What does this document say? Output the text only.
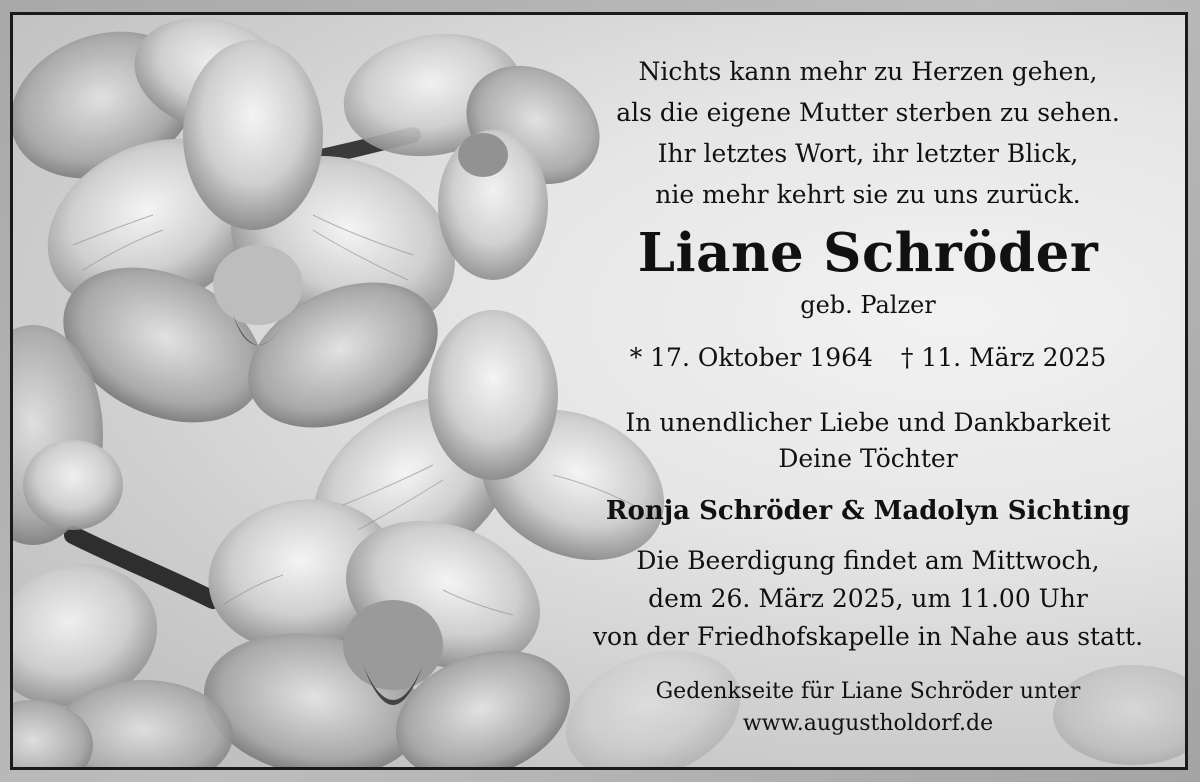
Nichts kann mehr zu Herzen gehen,
als die eigene Mutter sterben zu sehen.
Ihr letztes Wort, ihr letzter Blick,
nie mehr kehrt sie zu uns zurück.
Liane Schröder
geb. Palzer
* 17. Oktober 1964 † 11. März 2025
In unendlicher Liebe und Dankbarkeit
Deine Töchter
Ronja Schröder & Madolyn Sichting
Die Beerdigung findet am Mittwoch,
dem 26. März 2025, um 11.00 Uhr
von der Friedhofskapelle in Nahe aus statt.
Gedenkseite für Liane Schröder unter
www.augustholdorf.de
